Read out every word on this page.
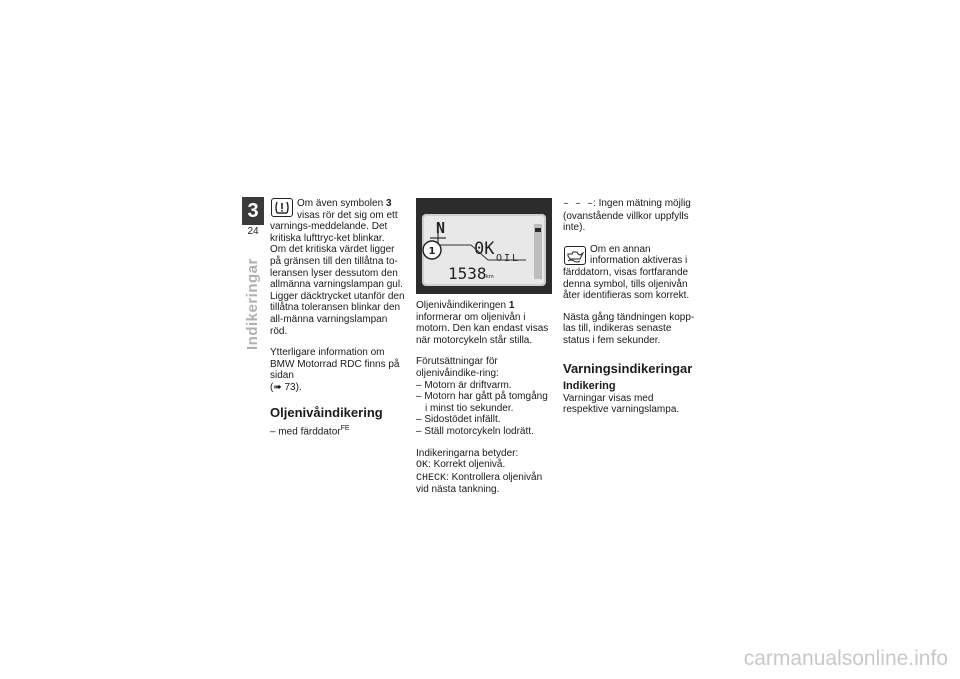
3
24
Indikeringar

Om även symbolen 3 visas rör det sig om ett varnings-meddelande. Det kritiska lufttryc-ket blinkar.

Om det kritiska värdet ligger på gränsen till den tillåtna to-leransen lyser dessutom den allmänna varningslampan gul.

Ligger däcktrycket utanför den tillåtna toleransen blinkar den all-männa varningslampan röd.

Ytterligare information om BMW Motorrad RDC finns på sidan
(➠ 73).

Oljenivåindikering
– med färddator$^{FE}$
N
0K OIL
1538 km
1

Oljenivåindikeringen 1 informerar om oljenivån i motorn. Den kan endast visas när motorcykeln står stilla.

Förutsättningar för oljenivåindike-ring:

– Motorn är driftvarm.
– Motorn har gått på tomgång i minst tio sekunder.
– Sidostödet infällt.
– Ställ motorcykeln lodrätt.

Indikeringarna betyder:

OK: Korrekt oljenivå.

CHECK: Kontrollera oljenivån vid nästa tankning.

– – –: Ingen mätning möjlig (ovanstående villkor uppfylls inte).

Om en annan information aktiveras i färddatorn, visas fortfarande denna symbol, tills oljenivån åter identifieras som korrekt.

Nästa gång tändningen kopp-las till, indikeras senaste status i fem sekunder.

Varningsindikeringar
Indikering

Varningar visas med respektive varningslampa.

carmanualsonline.info
